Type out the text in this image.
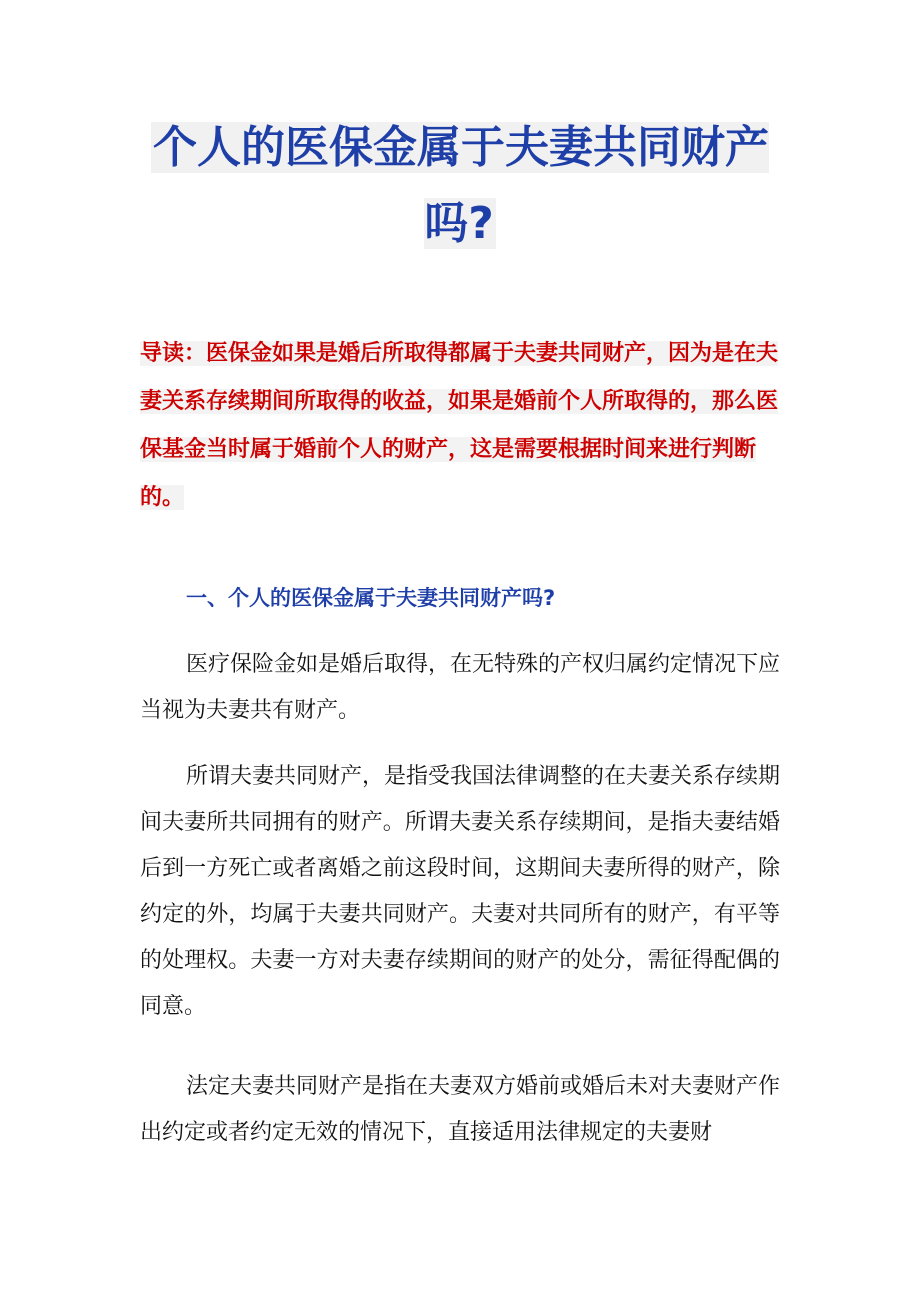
个人的医保金属于夫妻共同财产吗?
导读：医保金如果是婚后所取得都属于夫妻共同财产，因为是在夫妻关系存续期间所取得的收益，如果是婚前个人所取得的，那么医保基金当时属于婚前个人的财产，这是需要根据时间来进行判断的。
一、个人的医保金属于夫妻共同财产吗?

医疗保险金如是婚后取得，在无特殊的产权归属约定情况下应当视为夫妻共有财产。

所谓夫妻共同财产，是指受我国法律调整的在夫妻关系存续期间夫妻所共同拥有的财产。所谓夫妻关系存续期间，是指夫妻结婚后到一方死亡或者离婚之前这段时间，这期间夫妻所得的财产，除约定的外，均属于夫妻共同财产。夫妻对共同所有的财产，有平等的处理权。夫妻一方对夫妻存续期间的财产的处分，需征得配偶的同意。

法定夫妻共同财产是指在夫妻双方婚前或婚后未对夫妻财产作出约定或者约定无效的情况下，直接适用法律规定的夫妻财
